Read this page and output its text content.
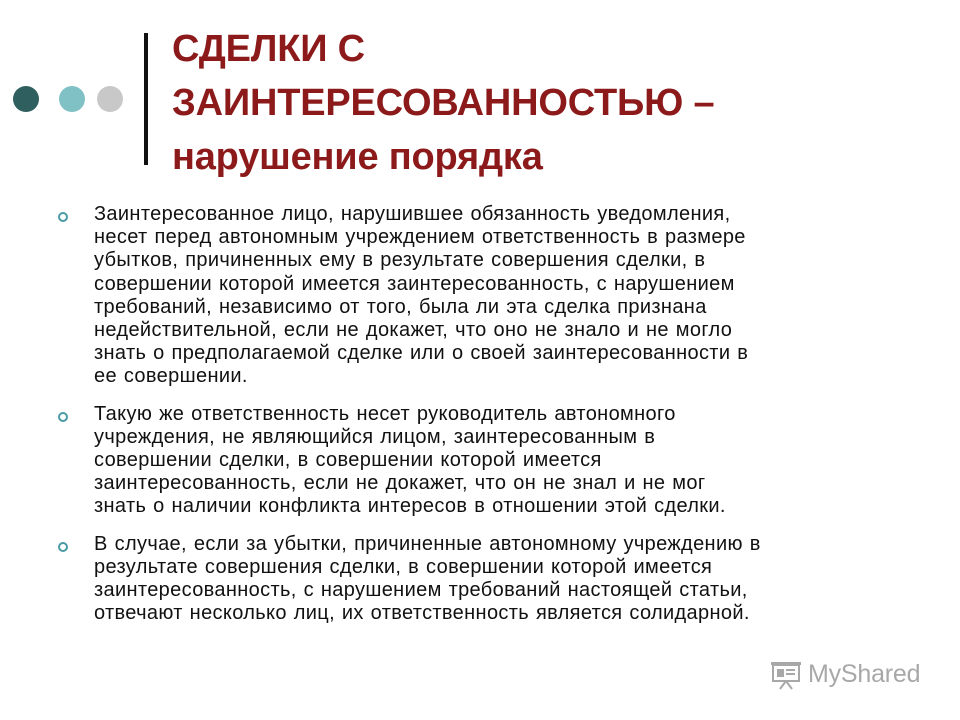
СДЕЛКИ С
ЗАИНТЕРЕСОВАННОСТЬЮ –
нарушение порядка
Заинтересованное лицо, нарушившее обязанность уведомления,
несет перед автономным учреждением ответственность в размере
убытков, причиненных ему в результате совершения сделки, в
совершении которой имеется заинтересованность, с нарушением
требований, независимо от того, была ли эта сделка признана
недействительной, если не докажет, что оно не знало и не могло
знать о предполагаемой сделке или о своей заинтересованности в
ее совершении.
Такую же ответственность несет руководитель автономного
учреждения, не являющийся лицом, заинтересованным в
совершении сделки, в совершении которой имеется
заинтересованность, если не докажет, что он не знал и не мог
знать о наличии конфликта интересов в отношении этой сделки.
В случае, если за убытки, причиненные автономному учреждению в
результате совершения сделки, в совершении которой имеется
заинтересованность, с нарушением требований настоящей статьи,
отвечают несколько лиц, их ответственность является солидарной.
MyShared
